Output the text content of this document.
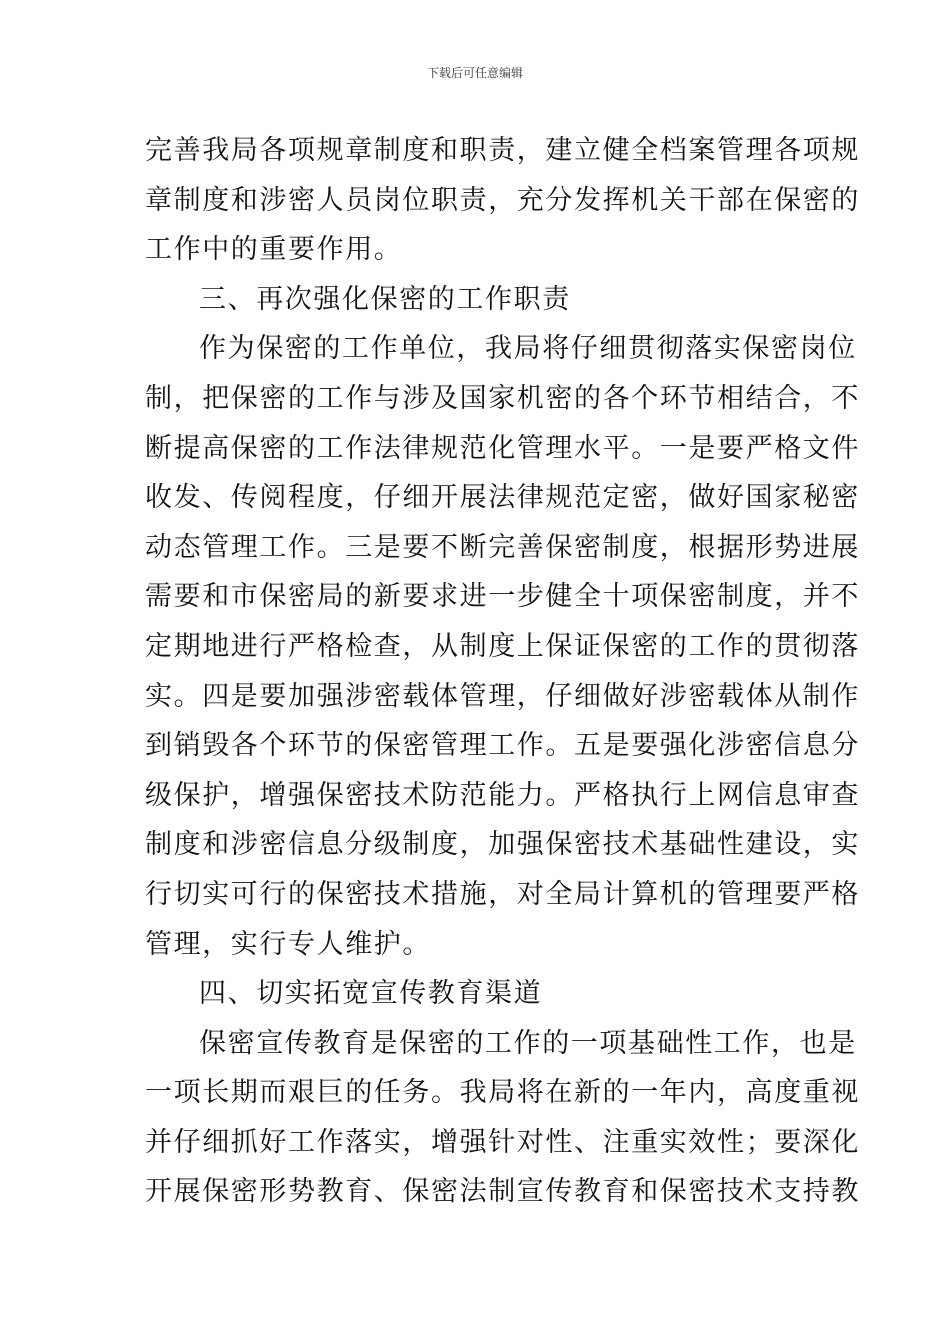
下载后可任意编辑
完善我局各项规章制度和职责，建立健全档案管理各项规
章制度和涉密人员岗位职责，充分发挥机关干部在保密的
工作中的重要作用。
三、再次强化保密的工作职责
作为保密的工作单位，我局将仔细贯彻落实保密岗位
制，把保密的工作与涉及国家机密的各个环节相结合，不
断提高保密的工作法律规范化管理水平。一是要严格文件
收发、传阅程度，仔细开展法律规范定密，做好国家秘密
动态管理工作。三是要不断完善保密制度，根据形势进展
需要和市保密局的新要求进一步健全十项保密制度，并不
定期地进行严格检查，从制度上保证保密的工作的贯彻落
实。四是要加强涉密载体管理，仔细做好涉密载体从制作
到销毁各个环节的保密管理工作。五是要强化涉密信息分
级保护，增强保密技术防范能力。严格执行上网信息审查
制度和涉密信息分级制度，加强保密技术基础性建设，实
行切实可行的保密技术措施，对全局计算机的管理要严格
管理，实行专人维护。
四、切实拓宽宣传教育渠道
保密宣传教育是保密的工作的一项基础性工作，也是
一项长期而艰巨的任务。我局将在新的一年内，高度重视
并仔细抓好工作落实，增强针对性、注重实效性；要深化
开展保密形势教育、保密法制宣传教育和保密技术支持教
